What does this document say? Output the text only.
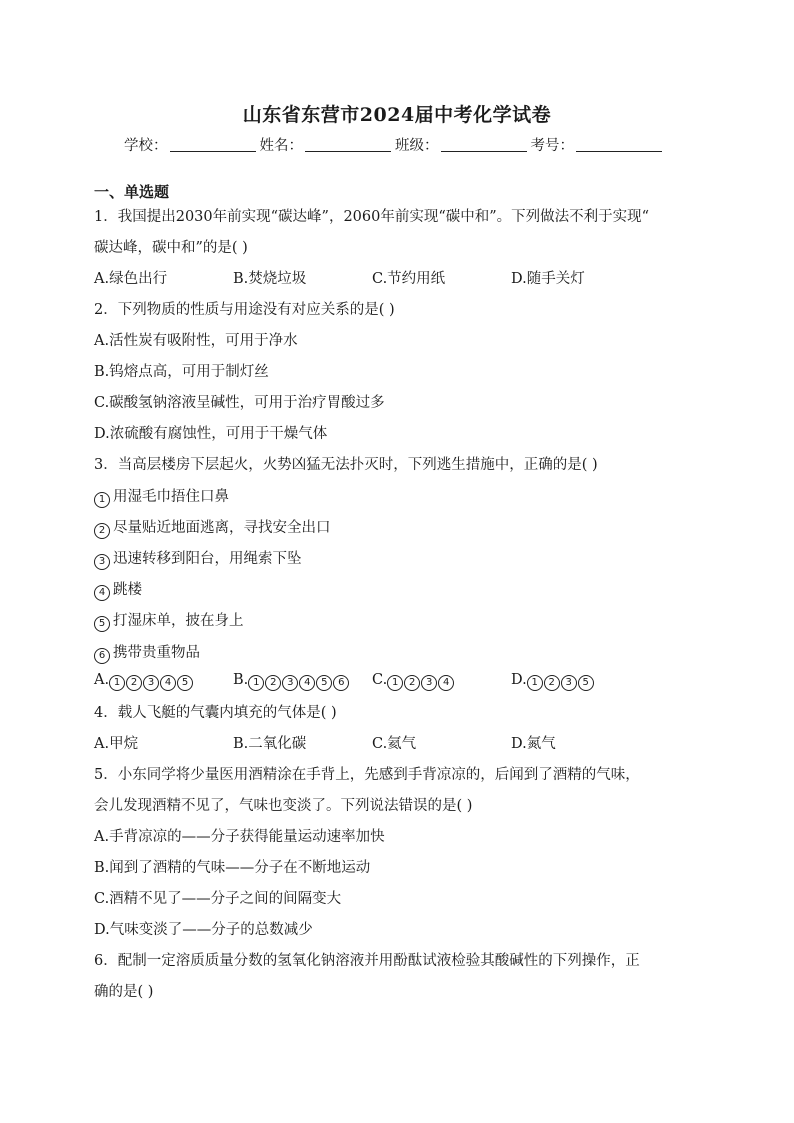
山东省东营市2024届中考化学试卷
学校：	姓名：	班级：	考号：
一、单选题
1．我国提出2030年前实现“碳达峰”，2060年前实现“碳中和”。下列做法不利于实现“
碳达峰，碳中和”的是( )
A.绿色出行	B.焚烧垃圾	C.节约用纸	D.随手关灯
2．下列物质的性质与用途没有对应关系的是( )
A.活性炭有吸附性，可用于净水
B.钨熔点高，可用于制灯丝
C.碳酸氢钠溶液呈碱性，可用于治疗胃酸过多
D.浓硫酸有腐蚀性，可用于干燥气体
3．当高层楼房下层起火，火势凶猛无法扑灭时，下列逃生措施中，正确的是( )
1 用湿毛巾捂住口鼻
2 尽量贴近地面逃离，寻找安全出口
3 迅速转移到阳台，用绳索下坠
4 跳楼
5 打湿床单，披在身上
6 携带贵重物品
A. 1 2 3 4 5	B. 1 2 3 4 5 6	C. 1 2 3 4	D. 1 2 3 5
4．载人飞艇的气囊内填充的气体是( )
A.甲烷	B.二氧化碳	C.氦气	D.氮气
5．小东同学将少量医用酒精涂在手背上，先感到手背凉凉的，后闻到了酒精的气味，
会儿发现酒精不见了，气味也变淡了。下列说法错误的是( )
A.手背凉凉的——分子获得能量运动速率加快
B.闻到了酒精的气味——分子在不断地运动
C.酒精不见了——分子之间的间隔变大
D.气味变淡了——分子的总数减少
6．配制一定溶质质量分数的氢氧化钠溶液并用酚酞试液检验其酸碱性的下列操作，正
确的是( )
